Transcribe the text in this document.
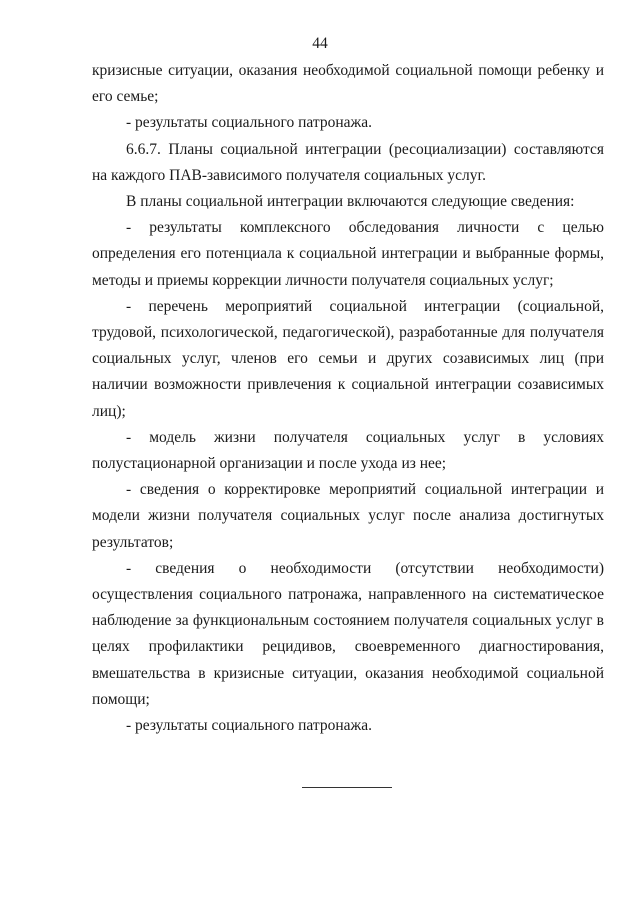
44

кризисные ситуации, оказания необходимой социальной помощи ребенку и его семье;

- результаты социального патронажа.

6.6.7. Планы социальной интеграции (ресоциализации) составляются на каждого ПАВ-зависимого получателя социальных услуг.

В планы социальной интеграции включаются следующие сведения:

- результаты комплексного обследования личности с целью определения его потенциала к социальной интеграции и выбранные формы, методы и приемы коррекции личности получателя социальных услуг;

- перечень мероприятий социальной интеграции (социальной, трудовой, психологической, педагогической), разработанные для получателя социальных услуг, членов его семьи и других созависимых лиц (при наличии возможности привлечения к социальной интеграции созависимых лиц);

- модель жизни получателя социальных услуг в условиях полустационарной организации и после ухода из нее;

- сведения о корректировке мероприятий социальной интеграции и модели жизни получателя социальных услуг после анализа достигнутых результатов;

- сведения о необходимости (отсутствии необходимости) осуществления социального патронажа, направленного на систематическое наблюдение за функциональным состоянием получателя социальных услуг в целях профилактики рецидивов, своевременного диагностирования, вмешательства в кризисные ситуации, оказания необходимой социальной помощи;

- результаты социального патронажа.
